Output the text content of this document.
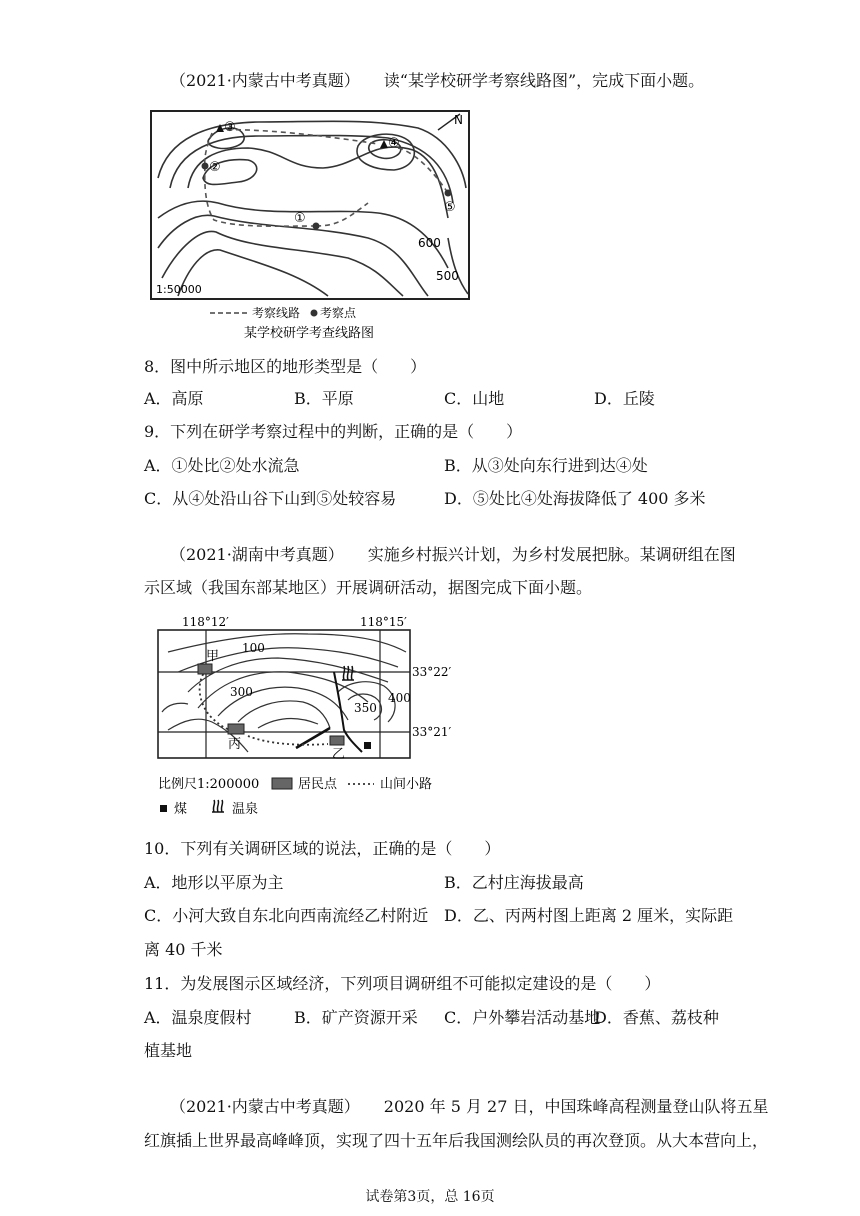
（2021·内蒙古中考真题）　　读“某学校研学考察线路图”，完成下面小题。
N
③
④
②
①
⑤
600
500
1:50000
考察线路 考察点
某学校研学考查线路图
8．图中所示地区的地形类型是（　　）
A．高原	B．平原	C．山地	D．丘陵
9．下列在研学考察过程中的判断，正确的是（　　）
A．①处比②处水流急	B．从③处向东行进到达④处
C．从④处沿山谷下山到⑤处较容易	D．⑤处比④处海拔降低了 400 多米
（2021·湖南中考真题）　　实施乡村振兴计划，为乡村发展把脉。某调研组在图
示区域（我国东部某地区）开展调研活动，据图完成下面小题。
118°12′	118°15′
33°22′
33°21′
甲
乙
丙
100
300
350
400
比例尺1:200000	居民点	山间小路
煤	温泉
10．下列有关调研区域的说法，正确的是（　　）
A．地形以平原为主	B．乙村庄海拔最高
C．小河大致自东北向西南流经乙村附近 D．乙、丙两村图上距离 2 厘米，实际距
离 40 千米
11．为发展图示区域经济，下列项目调研组不可能拟定建设的是（　　）
A．温泉度假村	B．矿产资源开采 C．户外攀岩活动基地
D．香蕉、荔枝种
植基地
（2021·内蒙古中考真题）　　2020 年 5 月 27 日，中国珠峰高程测量登山队将五星
红旗插上世界最高峰峰顶，实现了四十五年后我国测绘队员的再次登顶。从大本营向上，
试卷第3页，总 16页
